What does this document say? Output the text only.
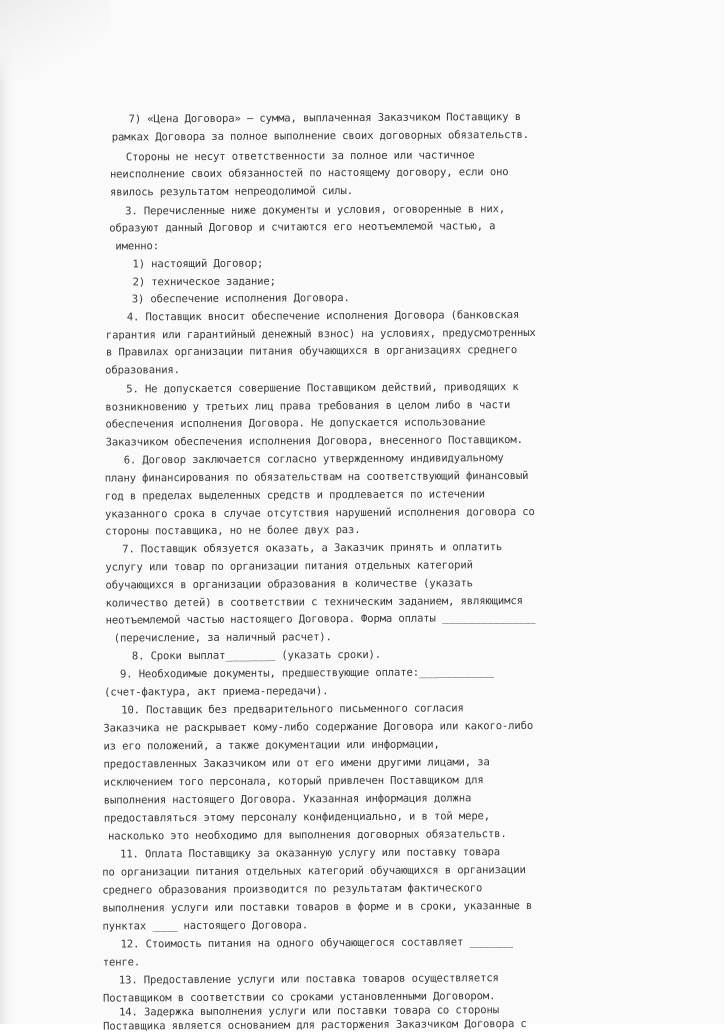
7) «Цена Договора» – сумма, выплаченная Заказчиком Поставщику в
рамках Договора за полное выполнение своих договорных обязательств.
Стороны не несут ответственности за полное или частичное
неисполнение своих обязанностей по настоящему договору, если оно
явилось результатом непреодолимой силы.
3. Перечисленные ниже документы и условия, оговоренные в них,
образуют данный Договор и считаются его неотъемлемой частью, а
именно:
1) настоящий Договор;
2) техническое задание;
3) обеспечение исполнения Договора.
4. Поставщик вносит обеспечение исполнения Договора (банковская
гарантия или гарантийный денежный взнос) на условиях, предусмотренных
в Правилах организации питания обучающихся в организациях среднего
образования.
5. Не допускается совершение Поставщиком действий, приводящих к
возникновению у третьих лиц права требования в целом либо в части
обеспечения исполнения Договора. Не допускается использование
Заказчиком обеспечения исполнения Договора, внесенного Поставщиком.
6. Договор заключается согласно утвержденному индивидуальному
плану финансирования по обязательствам на соответствующий финансовый
год в пределах выделенных средств и продлевается по истечении
указанного срока в случае отсутствия нарушений исполнения договора со
стороны поставщика, но не более двух раз.
7. Поставщик обязуется оказать, а Заказчик принять и оплатить
услугу или товар по организации питания отдельных категорий
обучающихся в организации образования в количестве (указать
количество детей) в соответствии с техническим заданием, являющимся
неотъемлемой частью настоящего Договора. Форма оплаты _______________
(перечисление, за наличный расчет).
8. Сроки выплат________ (указать сроки).
9. Необходимые документы, предшествующие оплате:____________
(счет-фактура, акт приема-передачи).
10. Поставщик без предварительного письменного согласия
Заказчика не раскрывает кому-либо содержание Договора или какого-либо
из его положений, а также документации или информации,
предоставленных Заказчиком или от его имени другими лицами, за
исключением того персонала, который привлечен Поставщиком для
выполнения настоящего Договора. Указанная информация должна
предоставляться этому персоналу конфиденциально, и в той мере,
насколько это необходимо для выполнения договорных обязательств.
11. Оплата Поставщику за оказанную услугу или поставку товара
по организации питания отдельных категорий обучающихся в организации
среднего образования производится по результатам фактического
выполнения услуги или поставки товаров в форме и в сроки, указанные в
пунктах ____ настоящего Договора.
12. Стоимость питания на одного обучающегося составляет _______
тенге.
13. Предоставление услуги или поставка товаров осуществляется
Поставщиком в соответствии со сроками установленными Договором.
14. Задержка выполнения услуги или поставки товара со стороны
Поставщика является основанием для расторжения Заказчиком Договора с
